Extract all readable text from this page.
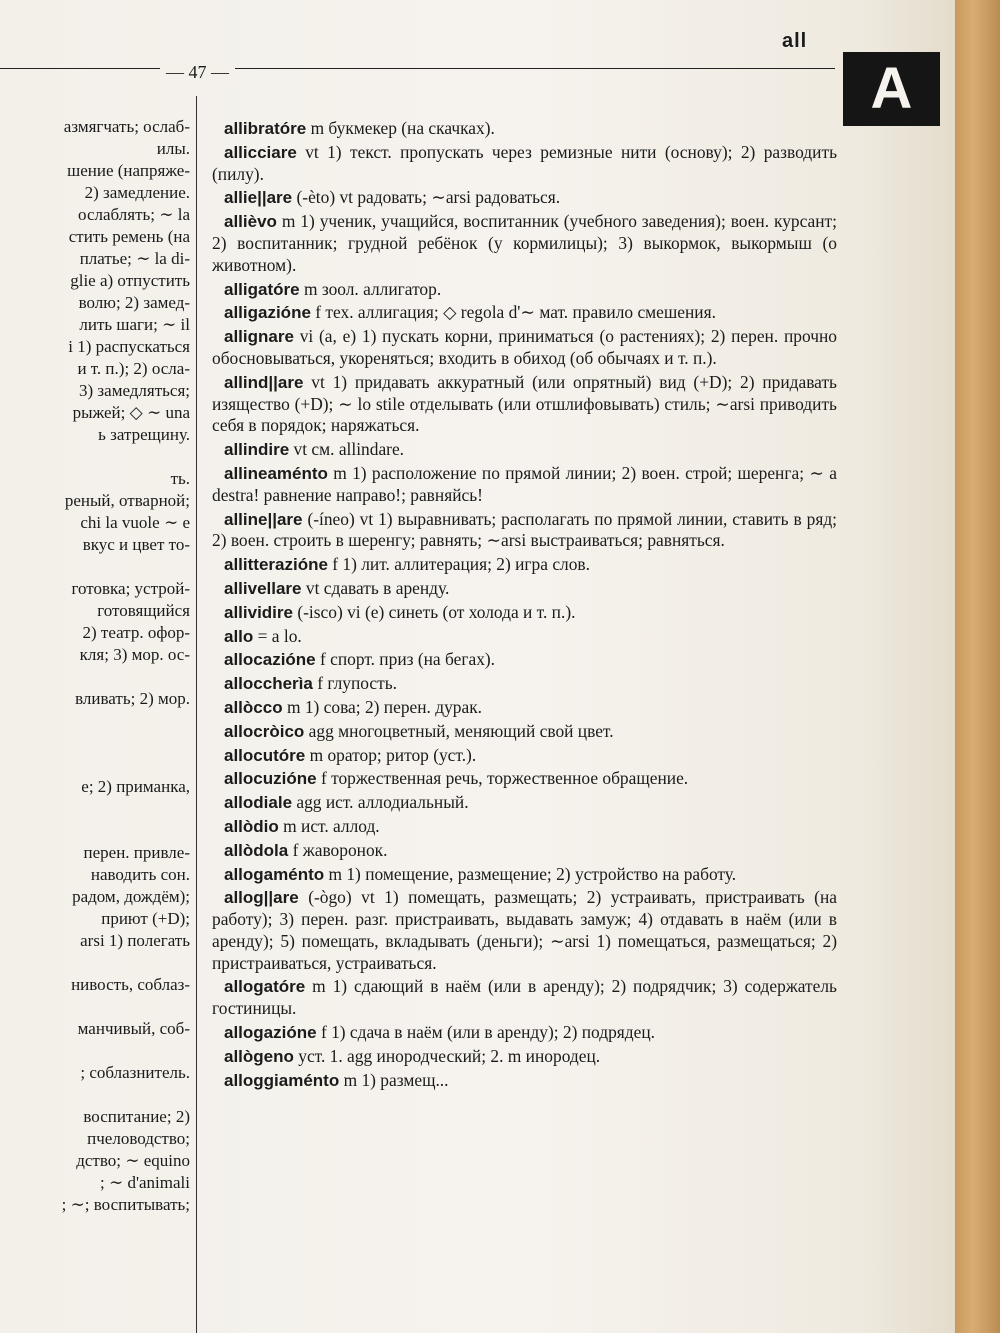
all
— 47 —	A
азмягчать; ослаб-
илы.
шение (напряже-
2) замедление.
ослаблять; ∼ la
стить ремень (на
платье; ∼ la di-
glie а) отпустить
волю; 2) замед-
лить шаги; ∼ il
i 1) распускаться
и т. п.); 2) осла-
3) замедляться;
рыжей; ◇ ∼ una
ь затрещину.
ть.
реный, отварной;
chi la vuole ∼ e
вкус и цвет то-
готовка; устрой-
готовящийся
2) театр. офор-
кля; 3) мор. ос-
вливать; 2) мор.
e; 2) приманка,
перен. привле-
наводить сон.
радом, дождём);
приют (+D);
arsi 1) полегать
нивость, соблаз-
манчивый, соб-
; соблазнитель.
воспитание; 2)
пчеловодство;
дство; ∼ equino
; ∼ d'animali
; ∼; воспитывать;
allibratóre m букмекер (на скачках).
allicciare vt 1) текст. пропускать через ремизные нити (основу); 2) разводить (пилу).
allie||are (-èto) vt радовать; ∼arsi радоваться.
allièvo m 1) ученик, учащийся, воспитанник (учебного заведения); воен. курсант; 2) воспитанник; грудной ребёнок (у кормилицы); 3) выкормок, выкормыш (о животном).
alligatóre m зоол. аллигатор.
alligazióne f тех. аллигация; ◇ regola d'∼ мат. правило смешения.
allignare vi (a, e) 1) пускать корни, приниматься (о растениях); 2) перен. прочно обосновываться, укореняться; входить в обиход (об обычаях и т. п.).
allind||are vt 1) придавать аккуратный (или опрятный) вид (+D); 2) придавать изящество (+D); ∼ lo stile отделывать (или отшлифовывать) стиль; ∼arsi приводить себя в порядок; наряжаться.
allindire vt см. allindare.
allineaménto m 1) расположение по прямой линии; 2) воен. строй; шеренга; ∼ a destra! равнение направо!; равняйсь!
alline||are (-íneo) vt 1) выравнивать; располагать по прямой линии, ставить в ряд; 2) воен. строить в шеренгу; равнять; ∼arsi выстраиваться; равняться.
allitterazióne f 1) лит. аллитерация; 2) игра слов.
allivellare vt сдавать в аренду.
allividire (-isco) vi (e) синеть (от холода и т. п.).
allo = a lo.
allocazióne f спорт. приз (на бегах).
alloccherìa f глупость.
allòcco m 1) сова; 2) перен. дурак.
allocròico agg многоцветный, меняющий свой цвет.
allocutóre m оратор; ритор (уст.).
allocuzióne f торжественная речь, торжественное обращение.
allodiale agg ист. аллодиальный.
allòdio m ист. аллод.
allòdola f жаворонок.
allogaménto m 1) помещение, размещение; 2) устройство на работу.
allog||are (-ògo) vt 1) помещать, размещать; 2) устраивать, пристраивать (на работу); 3) перен. разг. пристраивать, выдавать замуж; 4) отдавать в наём (или в аренду); 5) помещать, вкладывать (деньги); ∼arsi 1) помещаться, размещаться; 2) пристраиваться, устраиваться.
allogatóre m 1) сдающий в наём (или в аренду); 2) подрядчик; 3) содержатель гостиницы.
allogazióne f 1) сдача в наём (или в аренду); 2) подрядец.
allògeno уст. 1. agg инородческий; 2. m инородец.
alloggiaménto m 1) размещ...
